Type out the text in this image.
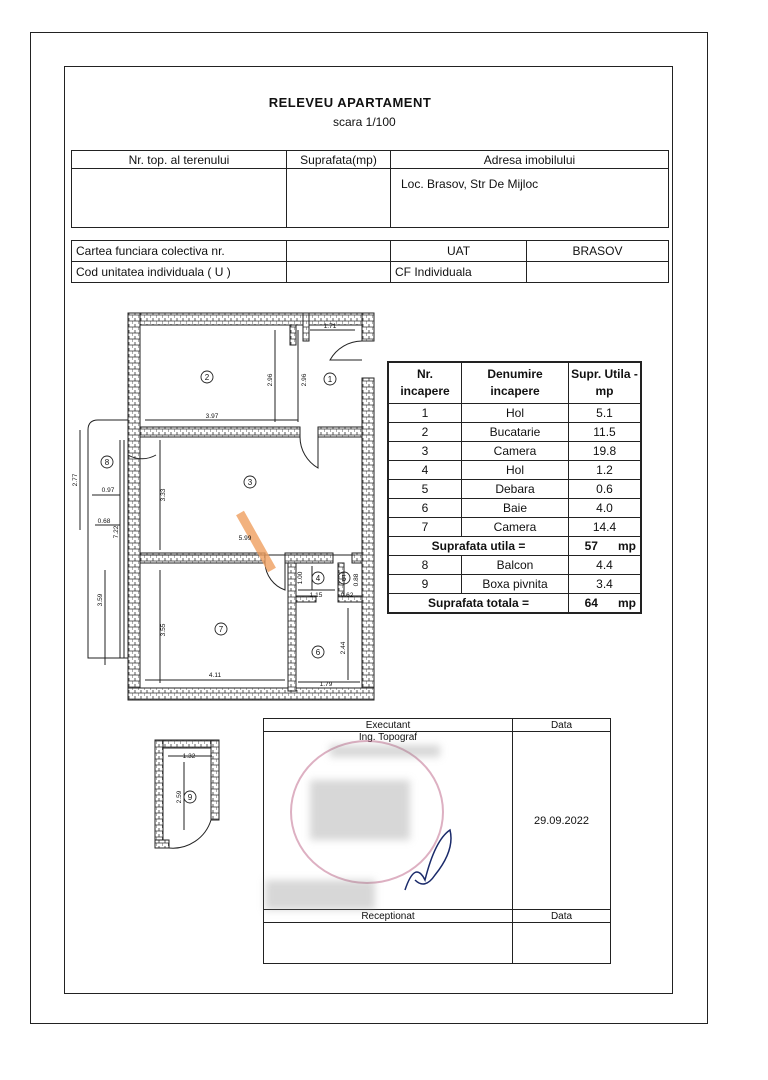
RELEVEU APARTAMENT
scara 1/100
Nr. top. al terenului	Suprafata(mp)	Adresa imobilului
		Loc. Brasov, Str De Mijloc
Cartea funciara colectiva nr.		UAT	BRASOV
Cod unitatea individuala ( U )		CF Individuala	
1
2
3
4	5
6
7
8
9
1.71
2.96	2.96
3.97
3.33
5.99
2.77
0.97
0.68
7.22
3.59
3.55
4.11
1.00
1.15	0.62
0.88
2.44
1.79
1.32
2.59
Nr. incapere	Denumire incapere	Supr. Utila - mp
1	Hol	5.1
2	Bucatarie	11.5
3	Camera	19.8
4	Hol	1.2
5	Debara	0.6
6	Baie	4.0
7	Camera	14.4
Suprafata utila =		57 mp
8	Balcon	4.4
9	Boxa pivnita	3.4
Suprafata totala =		64 mp
Executant	Data
Ing. Topograf	29.09.2022
Receptionat	Data
